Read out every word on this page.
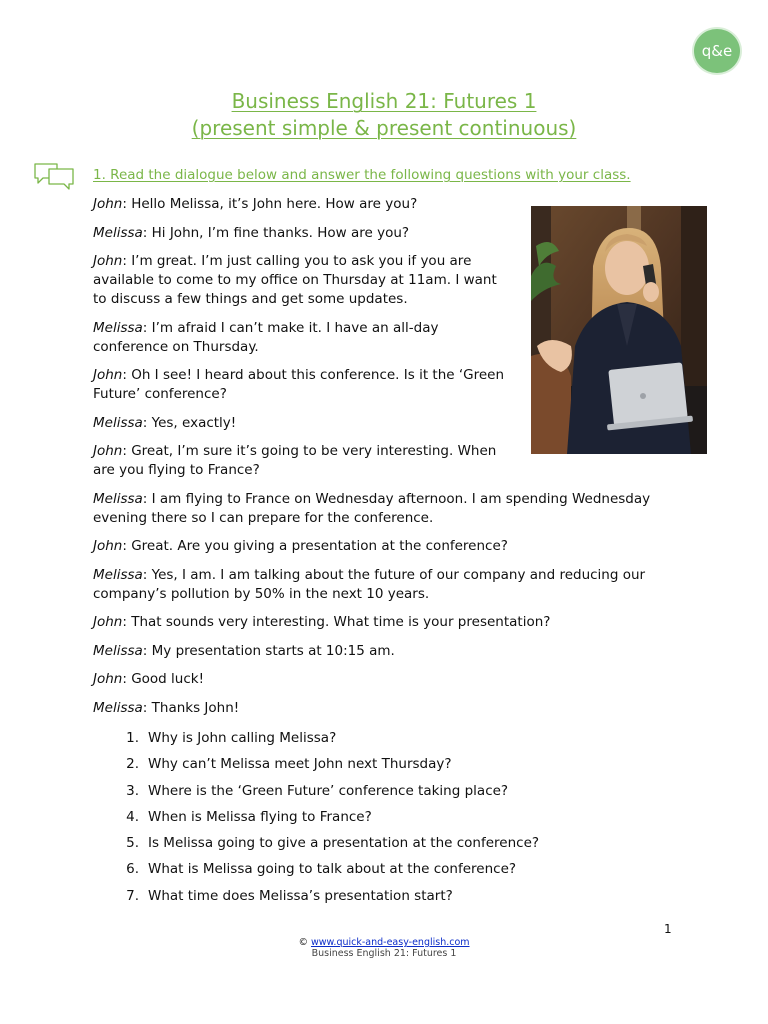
q&e
Business English 21: Futures 1
(present simple & present continuous)
1. Read the dialogue below and answer the following questions with your class.

John: Hello Melissa, it’s John here. How are you?

Melissa: Hi John, I’m fine thanks. How are you?

John: I’m great. I’m just calling you to ask you if you are available to come to my office on Thursday at 11am. I want to discuss a few things and get some updates.

Melissa: I’m afraid I can’t make it. I have an all-day conference on Thursday.

John: Oh I see! I heard about this conference. Is it the ‘Green Future’ conference?

Melissa: Yes, exactly!

John: Great, I’m sure it’s going to be very interesting. When are you flying to France?

Melissa: I am flying to France on Wednesday afternoon. I am spending Wednesday evening there so I can prepare for the conference.

John: Great. Are you giving a presentation at the conference?

Melissa: Yes, I am. I am talking about the future of our company and reducing our company’s pollution by 50% in the next 10 years.

John: That sounds very interesting. What time is your presentation?

Melissa: My presentation starts at 10:15 am.

John: Good luck!

Melissa: Thanks John!

1. Why is John calling Melissa?
2. Why can’t Melissa meet John next Thursday?
3. Where is the ‘Green Future’ conference taking place?
4. When is Melissa flying to France?
5. Is Melissa going to give a presentation at the conference?
6. What is Melissa going to talk about at the conference?
7. What time does Melissa’s presentation start?
1
© www.quick-and-easy-english.com
Business English 21: Futures 1
